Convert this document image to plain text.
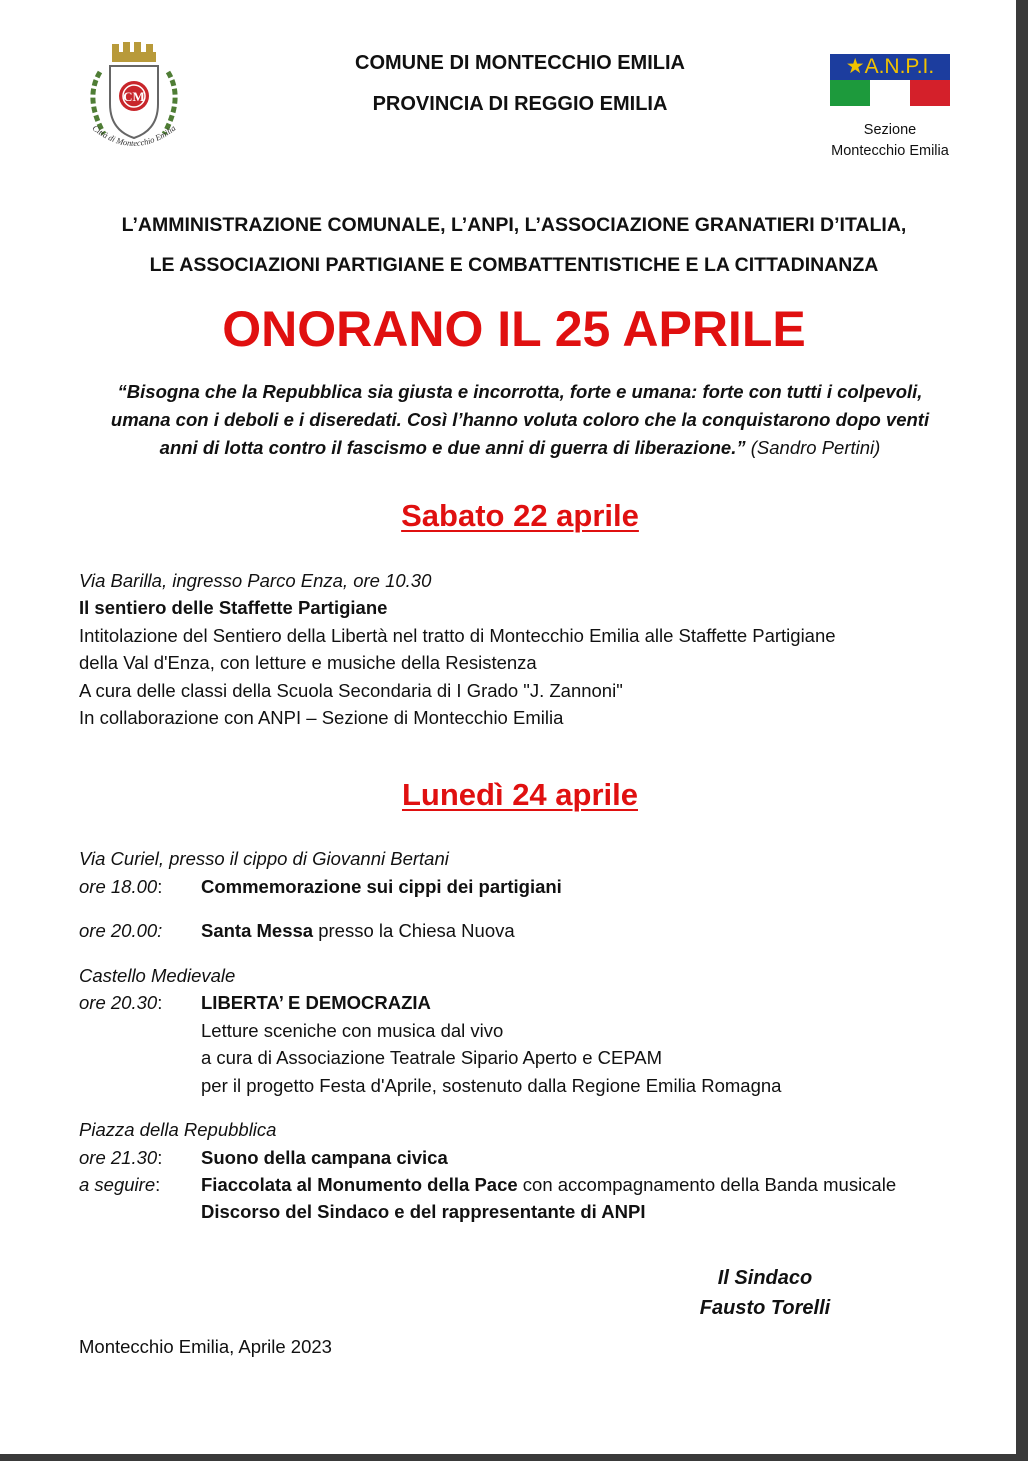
CM
Città di Montecchio Emilia
COMUNE DI MONTECCHIO EMILIA
PROVINCIA DI REGGIO EMILIA
★A.N.P.I.
Sezione
Montecchio Emilia
L’AMMINISTRAZIONE COMUNALE, L’ANPI, L’ASSOCIAZIONE GRANATIERI D’ITALIA,
LE ASSOCIAZIONI PARTIGIANE E COMBATTENTISTICHE E LA CITTADINANZA
ONORANO IL 25 APRILE
“Bisogna che la Repubblica sia giusta e incorrotta, forte e umana: forte con tutti i colpevoli,
umana con i deboli e i diseredati. Così l’hanno voluta coloro che la conquistarono dopo venti
anni di lotta contro il fascismo e due anni di guerra di liberazione.” (Sandro Pertini)
Sabato 22 aprile
Via Barilla, ingresso Parco Enza, ore 10.30
Il sentiero delle Staffette Partigiane
Intitolazione del Sentiero della Libertà nel tratto di Montecchio Emilia alle Staffette Partigiane
della Val d'Enza, con letture e musiche della Resistenza
A cura delle classi della Scuola Secondaria di I Grado "J. Zannoni"
In collaborazione con ANPI – Sezione di Montecchio Emilia
Lunedì 24 aprile
Via Curiel, presso il cippo di Giovanni Bertani
ore 18.00: Commemorazione sui cippi dei partigiani
ore 20.00: Santa Messa presso la Chiesa Nuova
Castello Medievale
ore 20.30: LIBERTA’ E DEMOCRAZIA
Letture sceniche con musica dal vivo
a cura di Associazione Teatrale Sipario Aperto e CEPAM
per il progetto Festa d'Aprile, sostenuto dalla Regione Emilia Romagna
Piazza della Repubblica
ore 21.30: Suono della campana civica
a seguire: Fiaccolata al Monumento della Pace con accompagnamento della Banda musicale
Discorso del Sindaco e del rappresentante di ANPI
Il Sindaco
Fausto Torelli
Montecchio Emilia, Aprile 2023
